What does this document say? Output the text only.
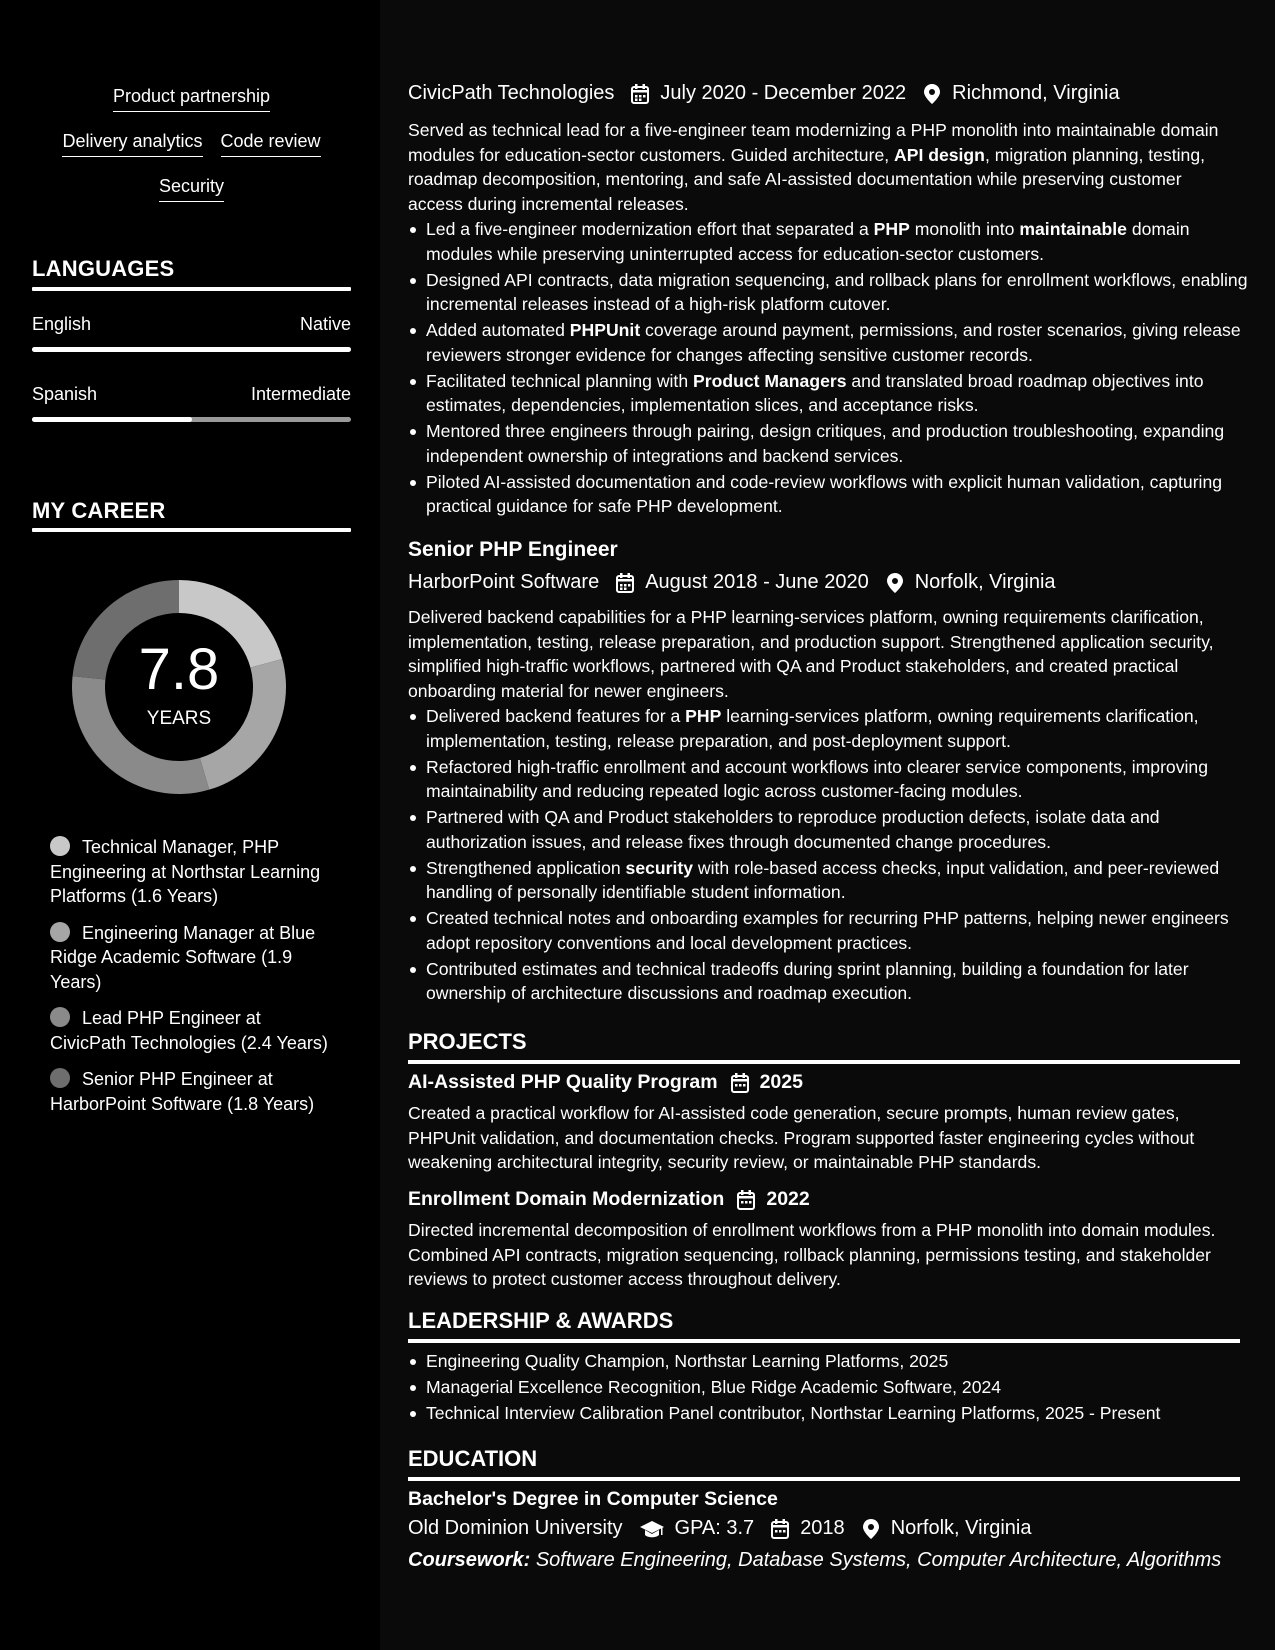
Product partnership
Delivery analytics Code review
Security
LANGUAGES
English	Native
Spanish	Intermediate
MY CAREER
7.8
YEARS
Technical Manager, PHP Engineering at Northstar Learning Platforms (1.6 Years)
Engineering Manager at Blue Ridge Academic Software (1.9 Years)
Lead PHP Engineer at CivicPath Technologies (2.4 Years)
Senior PHP Engineer at HarborPoint Software (1.8 Years)
CivicPath Technologies July 2020 - December 2022 Richmond, Virginia
Served as technical lead for a five-engineer team modernizing a PHP monolith into maintainable domain modules for education-sector customers. Guided architecture, API design, migration planning, testing, roadmap decomposition, mentoring, and safe AI-assisted documentation while preserving customer access during incremental releases.
Led a five-engineer modernization effort that separated a PHP monolith into maintainable domain modules while preserving uninterrupted access for education-sector customers.
Designed API contracts, data migration sequencing, and rollback plans for enrollment workflows, enabling incremental releases instead of a high-risk platform cutover.
Added automated PHPUnit coverage around payment, permissions, and roster scenarios, giving release reviewers stronger evidence for changes affecting sensitive customer records.
Facilitated technical planning with Product Managers and translated broad roadmap objectives into estimates, dependencies, implementation slices, and acceptance risks.
Mentored three engineers through pairing, design critiques, and production troubleshooting, expanding independent ownership of integrations and backend services.
Piloted AI-assisted documentation and code-review workflows with explicit human validation, capturing practical guidance for safe PHP development.
Senior PHP Engineer
HarborPoint Software August 2018 - June 2020 Norfolk, Virginia
Delivered backend capabilities for a PHP learning-services platform, owning requirements clarification, implementation, testing, release preparation, and production support. Strengthened application security, simplified high-traffic workflows, partnered with QA and Product stakeholders, and created practical onboarding material for newer engineers.
Delivered backend features for a PHP learning-services platform, owning requirements clarification, implementation, testing, release preparation, and post-deployment support.
Refactored high-traffic enrollment and account workflows into clearer service components, improving maintainability and reducing repeated logic across customer-facing modules.
Partnered with QA and Product stakeholders to reproduce production defects, isolate data and authorization issues, and release fixes through documented change procedures.
Strengthened application security with role-based access checks, input validation, and peer-reviewed handling of personally identifiable student information.
Created technical notes and onboarding examples for recurring PHP patterns, helping newer engineers adopt repository conventions and local development practices.
Contributed estimates and technical tradeoffs during sprint planning, building a foundation for later ownership of architecture discussions and roadmap execution.
PROJECTS
AI-Assisted PHP Quality Program 2025
Created a practical workflow for AI-assisted code generation, secure prompts, human review gates, PHPUnit validation, and documentation checks. Program supported faster engineering cycles without weakening architectural integrity, security review, or maintainable PHP standards.
Enrollment Domain Modernization 2022
Directed incremental decomposition of enrollment workflows from a PHP monolith into domain modules. Combined API contracts, migration sequencing, rollback planning, permissions testing, and stakeholder reviews to protect customer access throughout delivery.
LEADERSHIP & AWARDS
Engineering Quality Champion, Northstar Learning Platforms, 2025
Managerial Excellence Recognition, Blue Ridge Academic Software, 2024
Technical Interview Calibration Panel contributor, Northstar Learning Platforms, 2025 - Present
EDUCATION
Bachelor's Degree in Computer Science
Old Dominion University	GPA: 3.7 2018 Norfolk, Virginia
Coursework: Software Engineering, Database Systems, Computer Architecture, Algorithms
